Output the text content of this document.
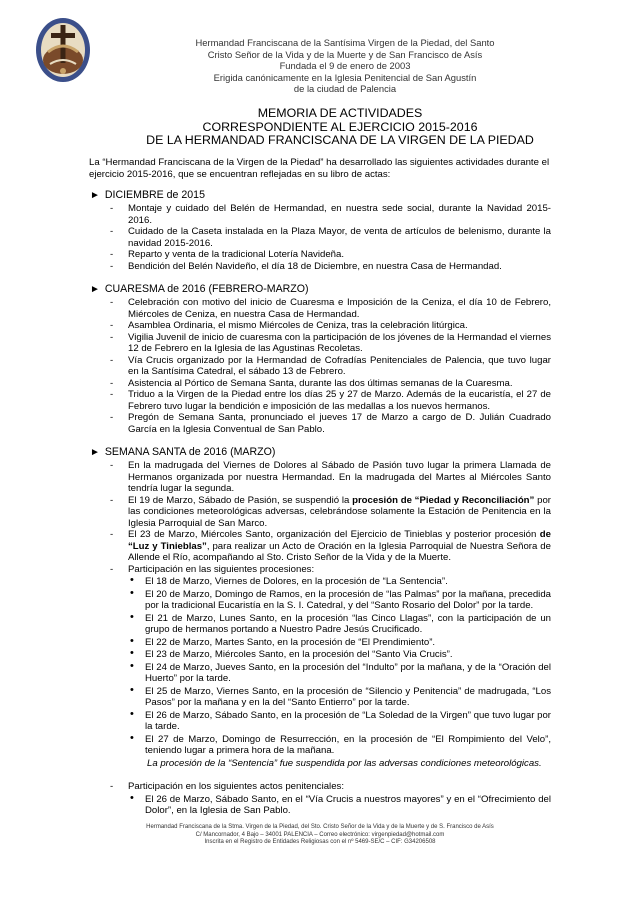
Hermandad Franciscana de la Santísima Virgen de la Piedad, del Santo
Cristo Señor de la Vida y de la Muerte y de San Francisco de Asís
Fundada el 9 de enero de 2003
Erigida canónicamente en la Iglesia Penitencial de San Agustín
de la ciudad de Palencia
MEMORIA DE ACTIVIDADES
CORRESPONDIENTE AL EJERCICIO 2015-2016
DE LA HERMANDAD FRANCISCANA DE LA VIRGEN DE LA PIEDAD

La “Hermandad Franciscana de la Virgen de la Piedad” ha desarrollado las siguientes actividades durante el ejercicio 2015-2016, que se encuentran reflejadas en su libro de actas:

► DICIEMBRE de 2015
- Montaje y cuidado del Belén de Hermandad, en nuestra sede social, durante la Navidad 2015-2016.
- Cuidado de la Caseta instalada en la Plaza Mayor, de venta de artículos de belenismo, durante la navidad 2015-2016.
- Reparto y venta de la tradicional Lotería Navideña.
- Bendición del Belén Navideño, el día 18 de Diciembre, en nuestra Casa de Hermandad.
► CUARESMA de 2016 (FEBRERO-MARZO)
- Celebración con motivo del inicio de Cuaresma e Imposición de la Ceniza, el día 10 de Febrero, Miércoles de Ceniza, en nuestra Casa de Hermandad.
- Asamblea Ordinaria, el mismo Miércoles de Ceniza, tras la celebración litúrgica.
- Vigilia Juvenil de inicio de cuaresma con la participación de los jóvenes de la Hermandad el viernes 12 de Febrero en la Iglesia de las Agustinas Recoletas.
- Vía Crucis organizado por la Hermandad de Cofradías Penitenciales de Palencia, que tuvo lugar en la Santísima Catedral, el sábado 13 de Febrero.
- Asistencia al Pórtico de Semana Santa, durante las dos últimas semanas de la Cuaresma.
- Triduo a la Virgen de la Piedad entre los días 25 y 27 de Marzo. Además de la eucaristía, el 27 de Febrero tuvo lugar la bendición e imposición de las medallas a los nuevos hermanos.
- Pregón de Semana Santa, pronunciado el jueves 17 de Marzo a cargo de D. Julián Cuadrado García en la Iglesia Conventual de San Pablo.
► SEMANA SANTA de 2016 (MARZO)
- En la madrugada del Viernes de Dolores al Sábado de Pasión tuvo lugar la primera Llamada de Hermanos organizada por nuestra Hermandad. En la madrugada del Martes al Miércoles Santo tendría lugar la segunda.
- El 19 de Marzo, Sábado de Pasión, se suspendió la procesión de “Piedad y Reconciliación” por las condiciones meteorológicas adversas, celebrándose solamente la Estación de Penitencia en la Iglesia Parroquial de San Marco.
- El 23 de Marzo, Miércoles Santo, organización del Ejercicio de Tinieblas y posterior procesión de “Luz y Tinieblas”, para realizar un Acto de Oración en la Iglesia Parroquial de Nuestra Señora de Allende el Río, acompañando al Sto. Cristo Señor de la Vida y de la Muerte.
- Participación en las siguientes procesiones:
• El 18 de Marzo, Viernes de Dolores, en la procesión de “La Sentencia”.
• El 20 de Marzo, Domingo de Ramos, en la procesión de “las Palmas” por la mañana, precedida por la tradicional Eucaristía en la S. I. Catedral, y del “Santo Rosario del Dolor” por la tarde.
• El 21 de Marzo, Lunes Santo, en la procesión “las Cinco Llagas”, con la participación de un grupo de hermanos portando a Nuestro Padre Jesús Crucificado.
• El 22 de Marzo, Martes Santo, en la procesión de “El Prendimiento”.
• El 23 de Marzo, Miércoles Santo, en la procesión del “Santo Via Crucis”.
• El 24 de Marzo, Jueves Santo, en la procesión del “Indulto” por la mañana, y de la “Oración del Huerto” por la tarde.
• El 25 de Marzo, Viernes Santo, en la procesión de “Silencio y Penitencia” de madrugada, “Los Pasos” por la mañana y en la del “Santo Entierro” por la tarde.
• El 26 de Marzo, Sábado Santo, en la procesión de “La Soledad de la Virgen” que tuvo lugar por la tarde.
• El 27 de Marzo, Domingo de Resurrección, en la procesión de “El Rompimiento del Velo”, teniendo lugar a primera hora de la mañana.
La procesión de la “Sentencia” fue suspendida por las adversas condiciones meteorológicas.
- Participación en los siguientes actos penitenciales:
• El 26 de Marzo, Sábado Santo, en el “Vía Crucis a nuestros mayores” y en el “Ofrecimiento del Dolor”, en la Iglesia de San Pablo.
Hermandad Franciscana de la Stma. Virgen de la Piedad, del Sto. Cristo Señor de la Vida y de la Muerte y de S. Francisco de Asís
C/ Mancornador, 4 Bajo – 34001 PALENCIA – Correo electrónico: virgenpiedad@hotmail.com
Inscrita en el Registro de Entidades Religiosas con el nº 5469-SE/C – CIF: G34206508
